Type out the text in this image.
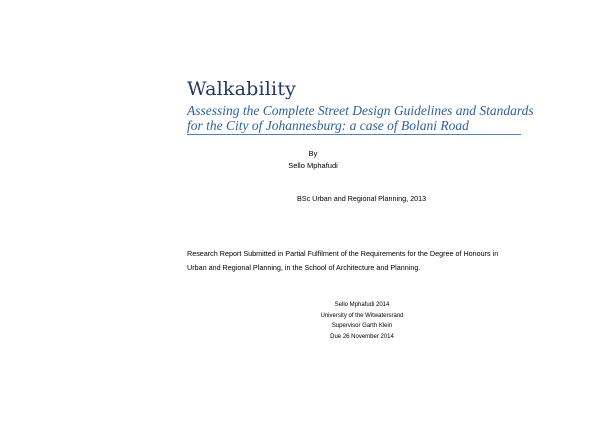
Walkability
Assessing the Complete Street Design Guidelines and Standards
for the City of Johannesburg: a case of Bolani Road
By
Sello Mphafudi
BSc Urban and Regional Planning, 2013
Research Report Submitted in Partial Fulfilment of the Requirements for the Degree of Honours in
Urban and Regional Planning, in the School of Architecture and Planning.
Sello Mphafudi 2014
University of the Witwatersrand
Supervisor Garth Klein
Due 26 November 2014
